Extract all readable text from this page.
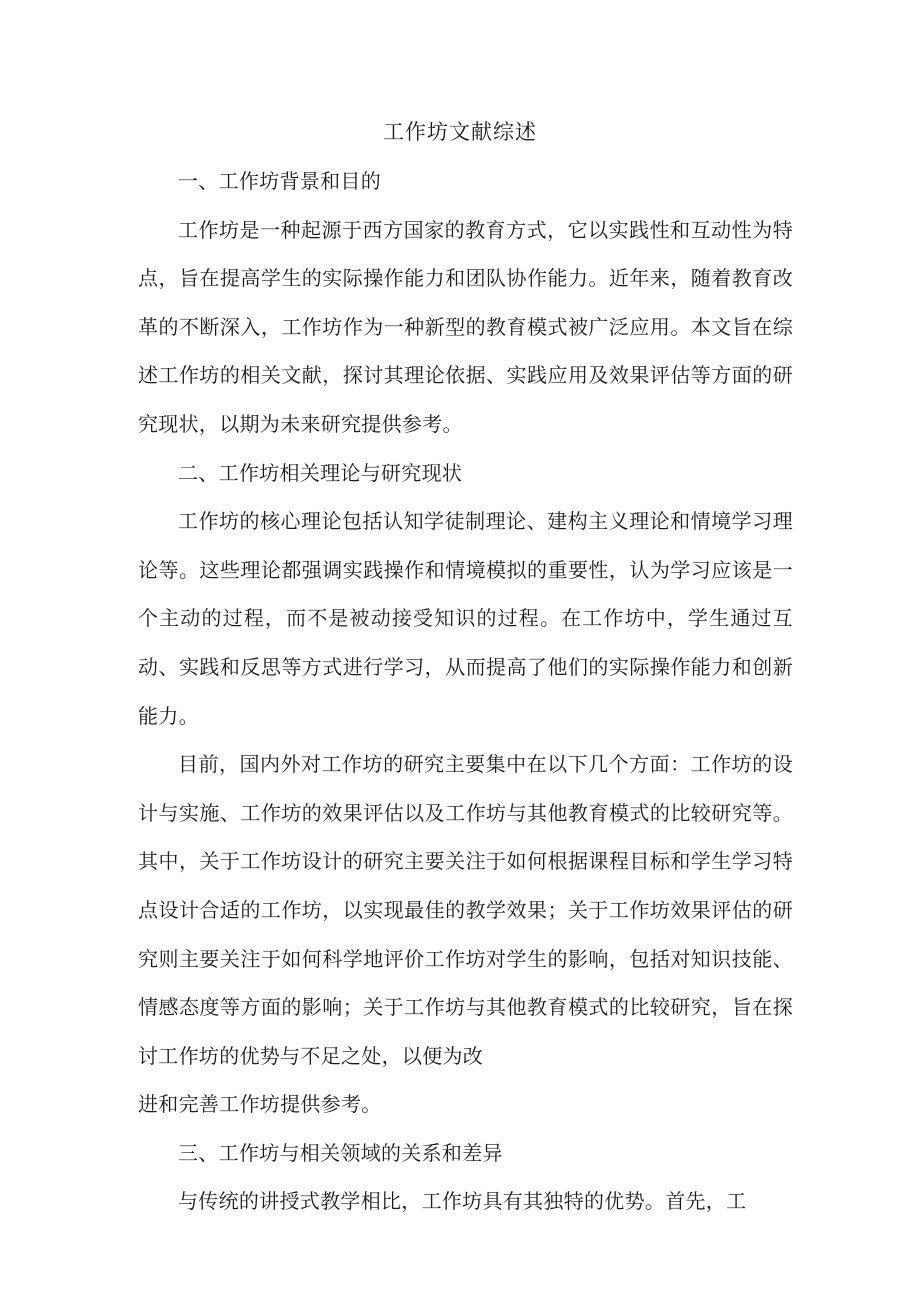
工作坊文献综述

一、工作坊背景和目的

工作坊是一种起源于西方国家的教育方式，它以实践性和互动性为特点，旨在提高学生的实际操作能力和团队协作能力。近年来，随着教育改革的不断深入，工作坊作为一种新型的教育模式被广泛应用。本文旨在综述工作坊的相关文献，探讨其理论依据、实践应用及效果评估等方面的研究现状，以期为未来研究提供参考。

二、工作坊相关理论与研究现状

工作坊的核心理论包括认知学徒制理论、建构主义理论和情境学习理论等。这些理论都强调实践操作和情境模拟的重要性，认为学习应该是一个主动的过程，而不是被动接受知识的过程。在工作坊中，学生通过互动、实践和反思等方式进行学习，从而提高了他们的实际操作能力和创新能力。

目前，国内外对工作坊的研究主要集中在以下几个方面：工作坊的设计与实施、工作坊的效果评估以及工作坊与其他教育模式的比较研究等。其中，关于工作坊设计的研究主要关注于如何根据课程目标和学生学习特点设计合适的工作坊，以实现最佳的教学效果；关于工作坊效果评估的研究则主要关注于如何科学地评价工作坊对学生的影响，包括对知识技能、情感态度等方面的影响；关于工作坊与其他教育模式的比较研究，旨在探讨工作坊的优势与不足之处，以便为改

进和完善工作坊提供参考。

三、工作坊与相关领域的关系和差异

与传统的讲授式教学相比，工作坊具有其独特的优势。首先，工
